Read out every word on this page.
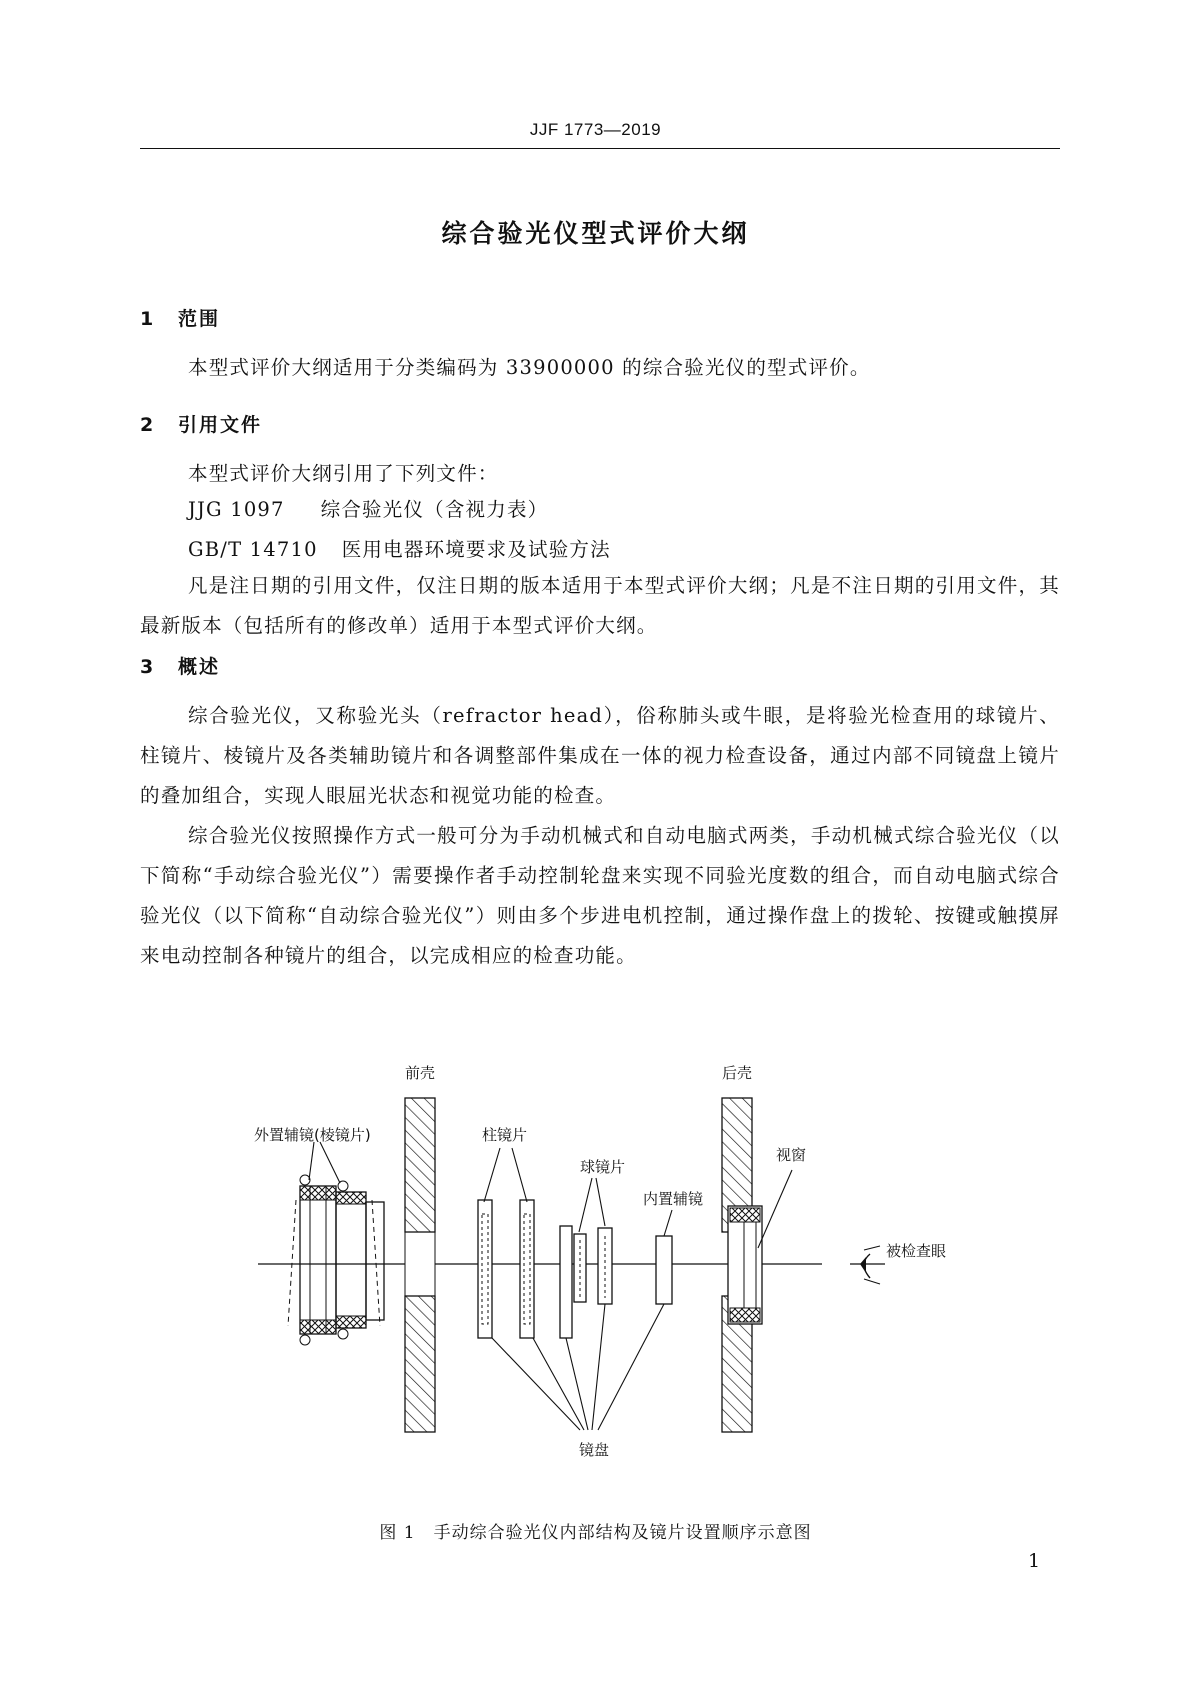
JJF 1773—2019
综合验光仪型式评价大纲
1 范围
本型式评价大纲适用于分类编码为 33900000 的综合验光仪的型式评价。
2 引用文件
本型式评价大纲引用了下列文件：
JJG 1097 综合验光仪（含视力表）
GB/T 14710 医用电器环境要求及试验方法
凡是注日期的引用文件，仅注日期的版本适用于本型式评价大纲；凡是不注日期的引用文件，其最新版本（包括所有的修改单）适用于本型式评价大纲。
3 概述
综合验光仪，又称验光头（refractor head），俗称肺头或牛眼，是将验光检查用的球镜片、柱镜片、棱镜片及各类辅助镜片和各调整部件集成在一体的视力检查设备，通过内部不同镜盘上镜片的叠加组合，实现人眼屈光状态和视觉功能的检查。
综合验光仪按照操作方式一般可分为手动机械式和自动电脑式两类，手动机械式综合验光仪（以下简称“手动综合验光仪”）需要操作者手动控制轮盘来实现不同验光度数的组合，而自动电脑式综合验光仪（以下简称“自动综合验光仪”）则由多个步进电机控制，通过操作盘上的拨轮、按键或触摸屏来电动控制各种镜片的组合，以完成相应的检查功能。
前壳	后壳
外置辅镜(棱镜片)	柱镜片
球镜片
内置辅镜
视窗
被检查眼
镜盘
图 1　手动综合验光仪内部结构及镜片设置顺序示意图
1
